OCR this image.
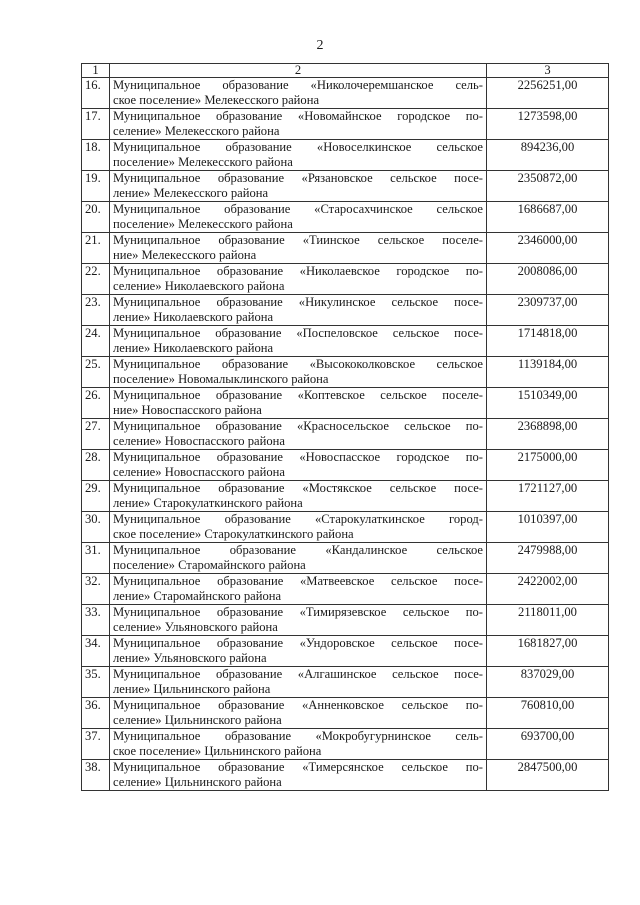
2
1	2	3
16.	Муниципальное образование «Николочеремшанское сель-
ское поселение» Мелекесского района	2256251,00
17.	Муниципальное образование «Новомайнское городское по-
селение» Мелекесского района	1273598,00
18.	Муниципальное образование «Новоселкинское сельское
поселение» Мелекесского района	894236,00
19.	Муниципальное образование «Рязановское сельское посе-
ление» Мелекесского района	2350872,00
20.	Муниципальное образование «Старосахчинское сельское
поселение» Мелекесского района	1686687,00
21.	Муниципальное образование «Тиинское сельское поселе-
ние» Мелекесского района	2346000,00
22.	Муниципальное образование «Николаевское городское по-
селение» Николаевского района	2008086,00
23.	Муниципальное образование «Никулинское сельское посе-
ление» Николаевского района	2309737,00
24.	Муниципальное образование «Поспеловское сельское посе-
ление» Николаевского района	1714818,00
25.	Муниципальное образование «Высококолковское сельское
поселение» Новомалыклинского района	1139184,00
26.	Муниципальное образование «Коптевское сельское поселе-
ние» Новоспасского района	1510349,00
27.	Муниципальное образование «Красносельское сельское по-
селение» Новоспасского района	2368898,00
28.	Муниципальное образование «Новоспасское городское по-
селение» Новоспасского района	2175000,00
29.	Муниципальное образование «Мостякское сельское посе-
ление» Старокулаткинского района	1721127,00
30.	Муниципальное образование «Старокулаткинское город-
ское поселение» Старокулаткинского района	1010397,00
31.	Муниципальное образование «Кандалинское сельское
поселение» Старомайнского района	2479988,00
32.	Муниципальное образование «Матвеевское сельское посе-
ление» Старомайнского района	2422002,00
33.	Муниципальное образование «Тимирязевское сельское по-
селение» Ульяновского района	2118011,00
34.	Муниципальное образование «Ундоровское сельское посе-
ление» Ульяновского района	1681827,00
35.	Муниципальное образование «Алгашинское сельское посе-
ление» Цильнинского района	837029,00
36.	Муниципальное образование «Анненковское сельское по-
селение» Цильнинского района	760810,00
37.	Муниципальное образование «Мокробугурнинское сель-
ское поселение» Цильнинского района	693700,00
38.	Муниципальное образование «Тимерсянское сельское по-
селение» Цильнинского района	2847500,00
